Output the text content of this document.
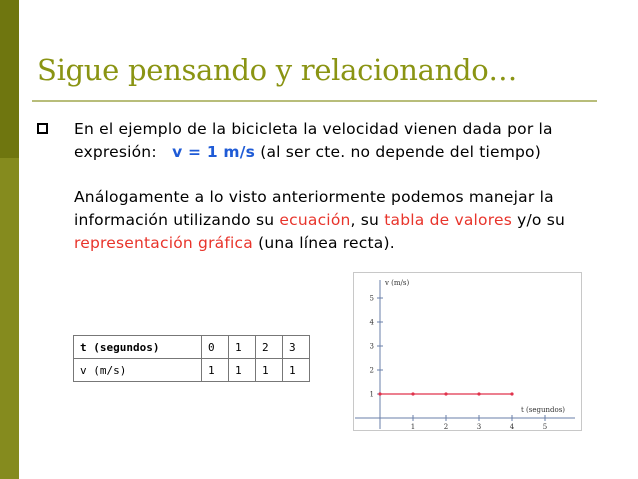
Sigue pensando y relacionando…
En el ejemplo de la bicicleta la velocidad vienen dada por la expresión: v = 1 m/s (al ser cte. no depende del tiempo)
Análogamente a lo visto anteriormente podemos manejar la información utilizando su ecuación, su tabla de valores y/o su representación gráfica (una línea recta).
t (segundos)	0	1	2	3
v (m/s)	1	1	1	1
1	2	3	4	5
1
2
3
4
5
v (m/s)
t (segundos)
